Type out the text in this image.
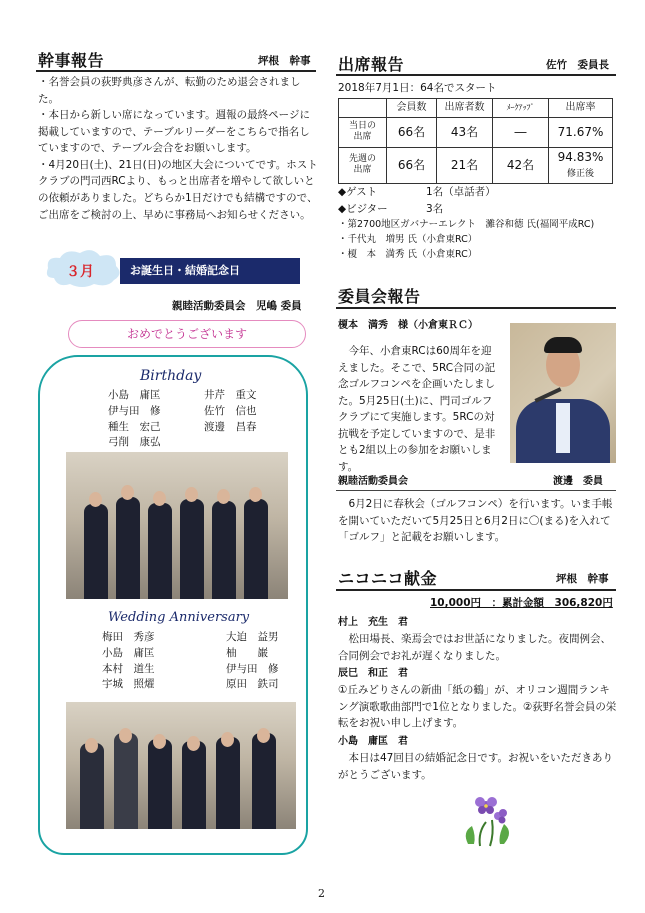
幹事報告	坪根　幹事

・名誉会員の荻野典彦さんが、転勤のため退会されました。

・本日から新しい席になっています。週報の最終ページに掲載していますので、テーブルリーダーをこちらで指名していますので、テーブル会合をお願いします。

・4月20日(土)、21日(日)の地区大会についてです。ホストクラブの門司西RCより、もっと出席者を増やして欲しいとの依頼がありました。どちらか1日だけでも結構ですので、ご出席をご検討の上、早めに事務局へお知らせください。

３月	お誕生日・結婚記念日
親睦活動委員会　児嶋 委員
おめでとうございます
Birthday
小島　庸匡	井芹　重文
伊与田　修	佐竹　信也
種生　宏己	渡邊　昌春
弓削　康弘
Wedding Anniversary
梅田　秀彦	大迫　益男
小島　庸匡	柚　　巌
本村　道生	伊与田　修
宇城　照燿	原田　鉄司
出席報告	佐竹　委員長
2018年7月1日：64名でスタート
	会員数	出席者数	ﾒｰｸｱｯﾌﾟ	出席率
当日の
出席	66名	43名	―	71.67%
先週の
出席	66名	21名	42名	94.83%
修正後
◆ゲスト	1名（卓話者）
◆ビジター	3名
・第2700地区ガバナーエレクト　灘谷和德 氏(福岡平成RC)
・千代丸　増男 氏（小倉東RC）
・榎　本　満秀 氏（小倉東RC）
委員会報告
榎本　満秀　様（小倉東ＲＣ）
今年、小倉東RCは60周年を迎えました。そこで、5RC合同の記念ゴルフコンペを企画いたしました。5月25日(土)に、門司ゴルフクラブにて実施します。5RCの対抗戦を予定していますので、是非とも2組以上の参加をお願いします。
親睦活動委員会	渡邊　委員
6月2日に春秋会（ゴルフコンペ）を行います。いま手帳を開いていただいて5月25日と6月2日に〇(まる)を入れて「ゴルフ」と記載をお願いします。
ニコニコ献金	坪根　幹事
10,000円　：累計金額　306,820円
村上　充生　君
松田場長、楽焉会ではお世話になりました。夜間例会、合同例会でお礼が遅くなりました。
辰巳　和正　君
①丘みどりさんの新曲「紙の鶴」が、オリコン週間ランキング演歌歌曲部門で1位となりました。②荻野名誉会員の栄転をお祝い申し上げます。
小島　庸匡　君
本日は47回目の結婚記念日です。お祝いをいただきありがとうございます。
2
